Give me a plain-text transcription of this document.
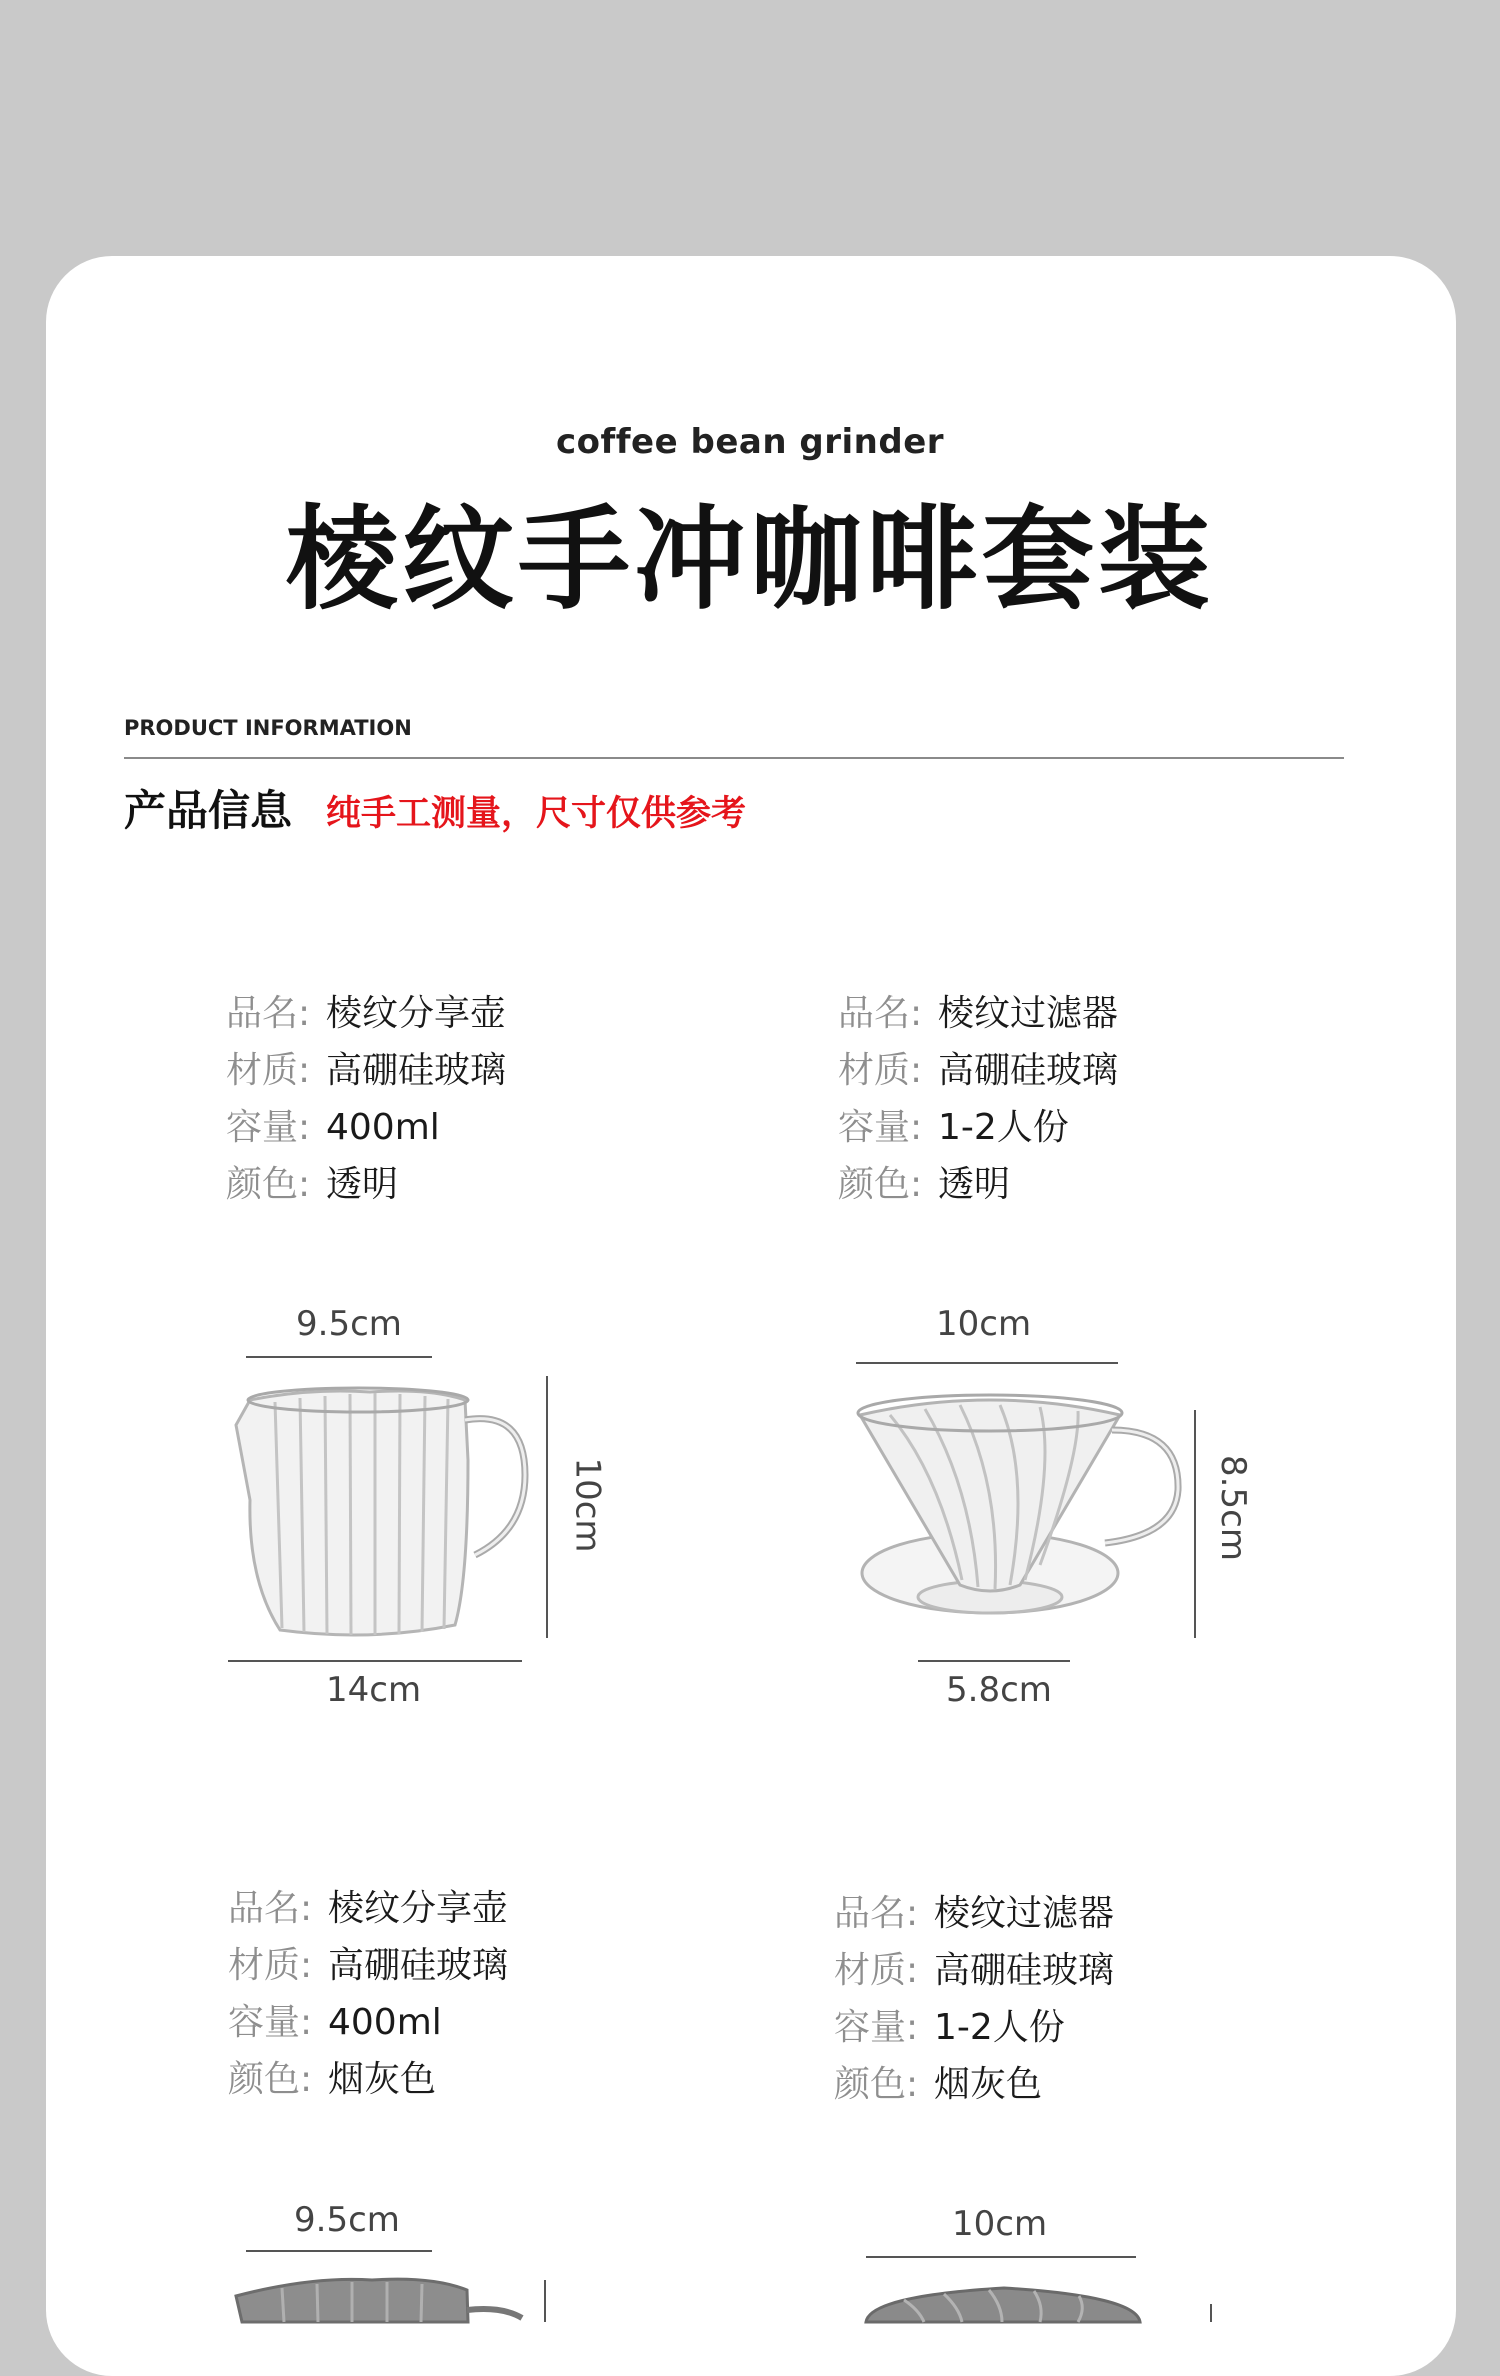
coffee bean grinder
棱纹手冲咖啡套装
PRODUCT INFORMATION
产品信息 纯手工测量，尺寸仅供参考
品名: 棱纹分享壶
材质: 高硼硅玻璃
容量: 400ml
颜色: 透明
品名: 棱纹过滤器
材质: 高硼硅玻璃
容量: 1-2人份
颜色: 透明
9.5cm
10cm
14cm
10cm
8.5cm
5.8cm
品名: 棱纹分享壶
材质: 高硼硅玻璃
容量: 400ml
颜色: 烟灰色
品名: 棱纹过滤器
材质: 高硼硅玻璃
容量: 1-2人份
颜色: 烟灰色
9.5cm	10cm
